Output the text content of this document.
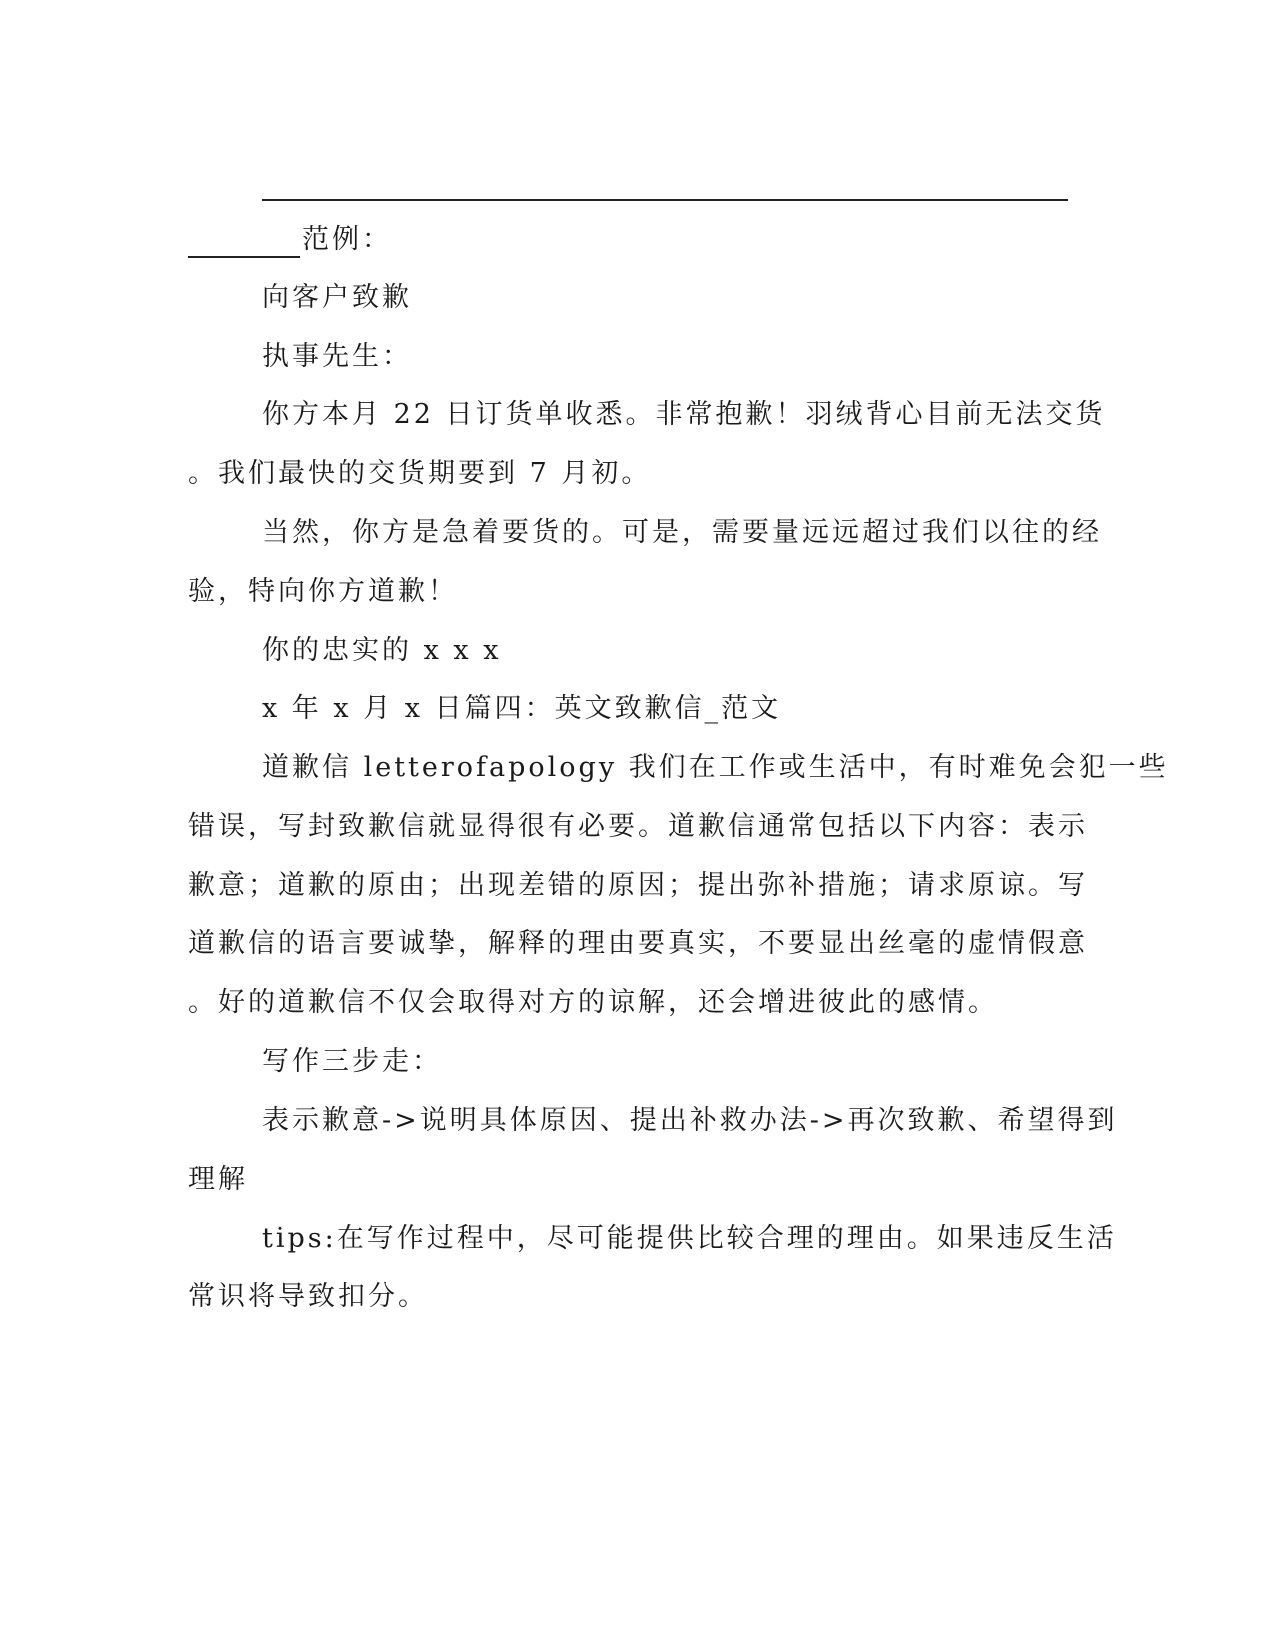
范例：
向客户致歉
执事先生：
你方本月 22 日订货单收悉。非常抱歉！羽绒背心目前无法交货
。我们最快的交货期要到 7 月初。
当然，你方是急着要货的。可是，需要量远远超过我们以往的经
验，特向你方道歉！
你的忠实的 x x x
x 年 x 月 x 日篇四：英文致歉信_范文
道歉信 letterofapology 我们在工作或生活中，有时难免会犯一些
错误，写封致歉信就显得很有必要。道歉信通常包括以下内容：表示
歉意；道歉的原由；出现差错的原因；提出弥补措施；请求原谅。写
道歉信的语言要诚挚，解释的理由要真实，不要显出丝毫的虚情假意
。好的道歉信不仅会取得对方的谅解，还会增进彼此的感情。
写作三步走：
表示歉意->说明具体原因、提出补救办法->再次致歉、希望得到
理解
tips:在写作过程中，尽可能提供比较合理的理由。如果违反生活
常识将导致扣分。
